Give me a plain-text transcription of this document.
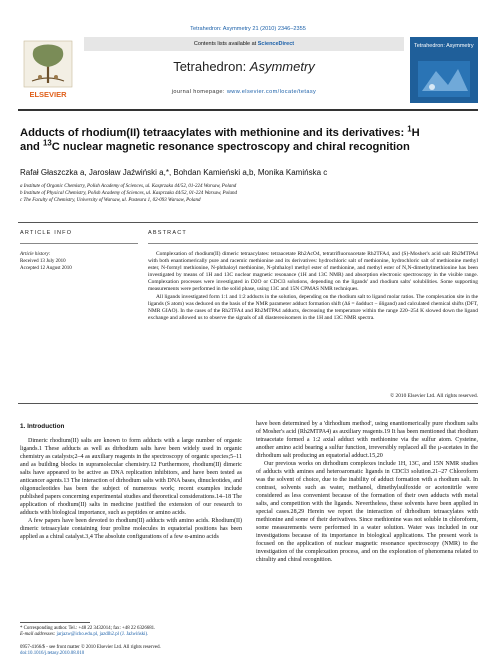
Tetrahedron: Asymmetry 21 (2010) 2346–2355
ELSEVIER
Contents lists available at ScienceDirect
Tetrahedron: Asymmetry
journal homepage: www.elsevier.com/locate/tetasy
Tetrahedron: Asymmetry
Adducts of rhodium(II) tetraacylates with methionine and its derivatives: $^1$H
and $^{13}$C nuclear magnetic resonance spectroscopy and chiral recognition
Rafał Głaszczka a, Jarosław Jaźwiński a,*, Bohdan Kamieński a,b, Monika Kamińska c
a Institute of Organic Chemistry, Polish Academy of Sciences, ul. Kasprzaka 44/52, 01-224 Warsaw, Poland
b Institute of Physical Chemistry, Polish Academy of Sciences, ul. Kasprzaka 44/52, 01-224 Warsaw, Poland
c The Faculty of Chemistry, University of Warsaw, ul. Pasteura 1, 02-093 Warsaw, Poland
ARTICLE INFO
Article history:
Received 13 July 2010
Accepted 12 August 2010
ABSTRACT

Complexation of rhodium(II) dimeric tetraacylates: tetraacetate Rh2AcO4, tetratrifluoroacetate Rh2TFA4, and (S)-Mosher's acid salt Rh2MTPA4 with both enantiomerically pure and racemic methionine and its derivatives: hydrochloric salt of methionine, hydrochloric salt of methionine methyl ester, N-formyl methionine, N-phthaloyl methionine, N-phthaloyl methyl ester of methionine, and methyl ester of N,N-dimethylmethionine has been investigated by means of 1H and 13C nuclear magnetic resonance (1H and 13C NMR) and absorption electronic spectroscopy in the visible range. Complexation processes were investigated in D2O or CDCl3 solutions, depending on the ligands' and rhodium salts' solubilities. Some supporting measurements were performed in the solid phase, using 13C and 15N CPMAS NMR techniques.

All ligands investigated form 1:1 and 1:2 adducts in the solution, depending on the rhodium salt to ligand molar ratios. The complexation site in the ligands (S atom) was deduced on the basis of the NMR parameter adduct formation shift (Δδ = δadduct − δligand) and calculated chemical shifts (DFT, NMR GIAO). In the cases of the Rh2TFA4 and Rh2MTPA4 adducts, decreasing the temperature within the range 220–254 K slowed down the ligand exchange and allowed us to observe the signals of all diastereoisomers in the 1H and 13C NMR spectra.

© 2010 Elsevier Ltd. All rights reserved.
1. Introduction

Dimeric rhodium(II) salts are known to form adducts with a large number of organic ligands.1 These adducts as well as dirhodium salts have been widely used in organic chemistry as catalysts;2–4 as auxiliary reagents in the spectroscopy of organic species;5–11 and as building blocks in supramolecular chemistry.12 Furthermore, rhodium(II) dimeric salts have appeared to be active as DNA replication inhibitors, and have been tested as anticancer agents.13 The interaction of dirhodium salts with DNA bases, dinucleotides, and oligonucleotides has been the subject of numerous work; recent examples include published papers concerning experimental studies and theoretical considerations.14–18 The application of rhodium(II) salts in medicine justified the extension of our research to adducts with biological importance, such as peptides or amino acids.

A few papers have been devoted to rhodium(II) adducts with amino acids. Rhodium(II) dimeric tetraacylate containing four proline molecules in equatorial positions has been applied as a chiral catalyst.3,4 The absolute configurations of a few α-amino acids

have been determined by a 'dirhodium method', using enantiomerically pure rhodium salts of Mosher's acid (Rh2MTPA4) as auxiliary reagents.19 It has been mentioned that rhodium tetraacetate formed a 1:2 axial adduct with methionine via the sulfur atom. Cysteine, another amino acid bearing a sulfur function, irreversibly replaced all the μ-acetates in the dirhodium salt producing an equatorial adduct.15,20

Our previous works on dirhodium complexes include 1H, 13C, and 15N NMR studies of adducts with amines and heteroaromatic ligands in CDCl3 solution.21–27 Chloroform was the solvent of choice, due to the inability of adduct formation with a rhodium salt. In contrast, solvents such as water, methanol, dimethylsulfoxide or acetonitrile were considered as less convenient because of the formation of their own adducts with metal salts, and competition with the ligands. Nevertheless, these solvents have been applied in special cases.28,29 Herein we report the interaction of dirhodium tetraacylates with methionine and some of their derivatives. Since methionine was not soluble in chloroform, some measurements were performed in a water solution. Water was included in our investigations because of its importance in biological applications. The present work is focused on the application of nuclear magnetic resonance spectroscopy (NMR) to the investigation of the complexation process, and on the exploration of phenomena related to chirality and chiral recognition.

* Corresponding author. Tel.: +48 22 3432014; fax: +48 22 6326681.
E-mail addresses: jarjazw@icho.edu.pl, jazdlh2.pl (J. Jaźwiński).
0957-4166/$ - see front matter © 2010 Elsevier Ltd. All rights reserved.
doi:10.1016/j.tetasy.2010.08.010
